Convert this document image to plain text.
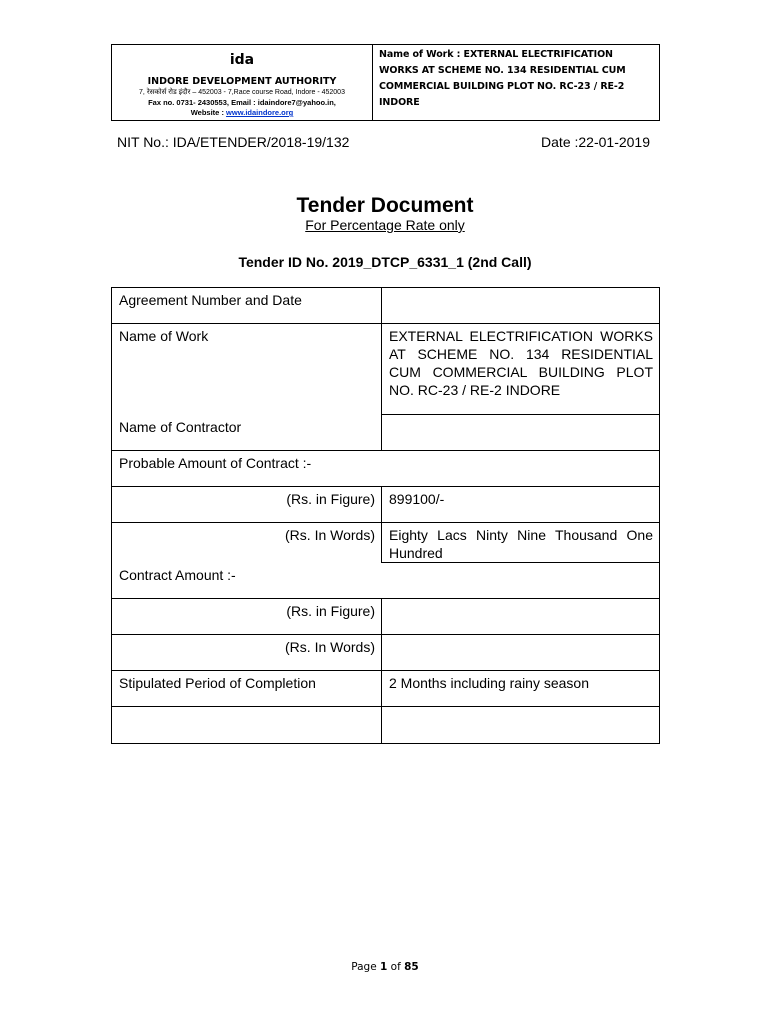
ida
INDORE DEVELOPMENT AUTHORITY
7, रेसकोर्स रोड इंदौर – 452003 - 7,Race course Road, Indore - 452003
Fax no. 0731- 2430553, Email : idaindore7@yahoo.in,
Website : www.idaindore.org
Name of Work : EXTERNAL ELECTRIFICATION WORKS AT SCHEME NO. 134 RESIDENTIAL CUM COMMERCIAL BUILDING PLOT NO. RC-23 / RE-2 INDORE
NIT No.: IDA/ETENDER/2018-19/132	Date :22-01-2019
Tender Document
For Percentage Rate only
Tender ID No. 2019_DTCP_6331_1 (2nd Call)
Agreement Number and Date	
Name of Work	EXTERNAL ELECTRIFICATION WORKS AT SCHEME NO. 134 RESIDENTIAL CUM COMMERCIAL BUILDING PLOT NO. RC-23 / RE-2 INDORE
Name of Contractor	
Probable Amount of Contract :-	
(Rs. in Figure)	899100/-
(Rs. In Words)	Eighty Lacs Ninty Nine Thousand One Hundred
Contract Amount :-	
(Rs. in Figure)	
(Rs. In Words)	
Stipulated Period of Completion	2 Months including rainy season

Page 1 of 85
